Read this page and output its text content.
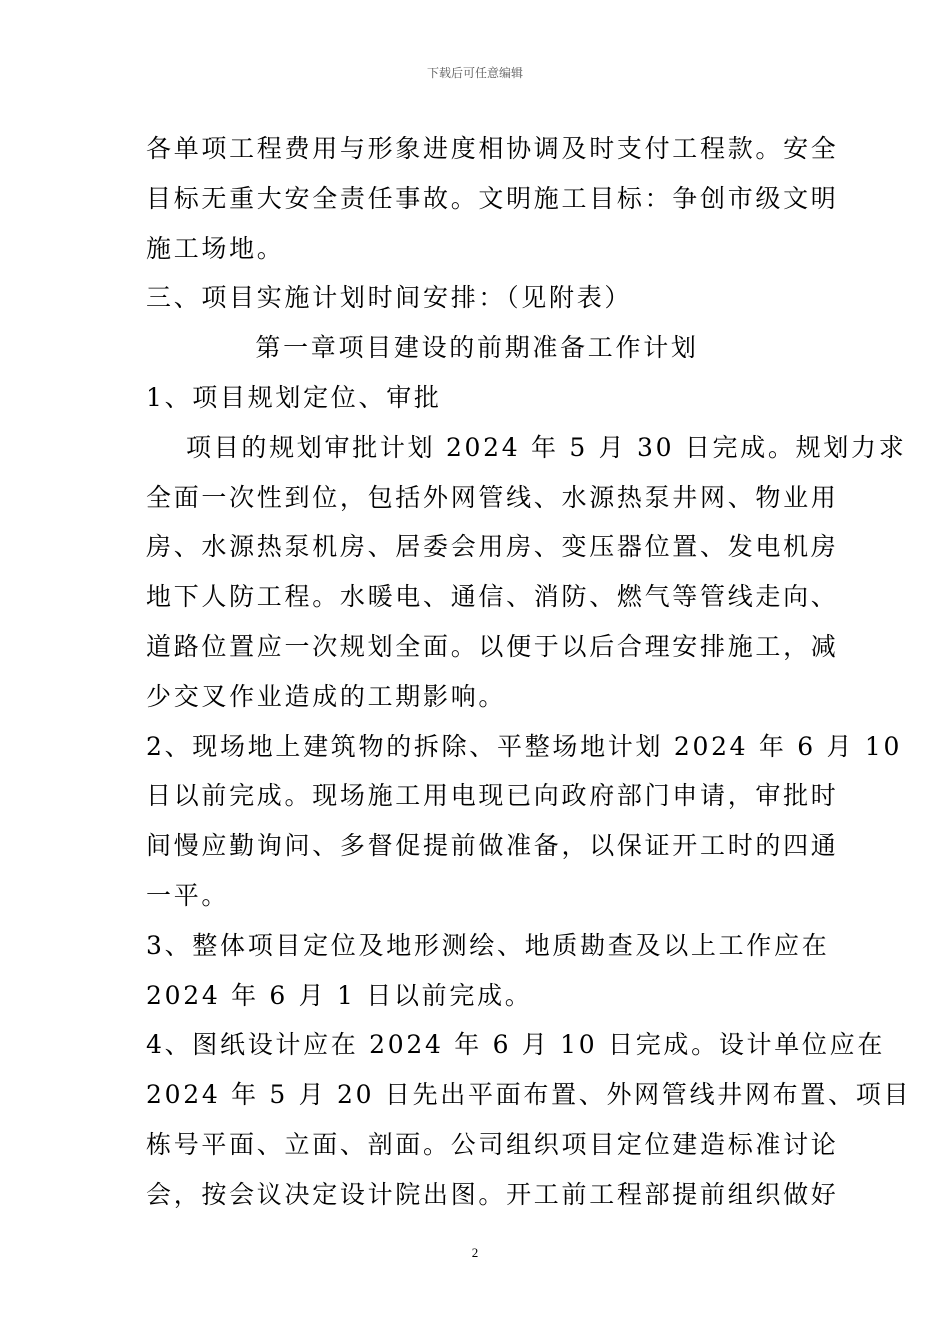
下载后可任意编辑
各单项工程费用与形象进度相协调及时支付工程款。安全
目标无重大安全责任事故。文明施工目标：争创市级文明
施工场地。
三、项目实施计划时间安排：（见附表）
第一章项目建设的前期准备工作计划
1、项目规划定位、审批
项目的规划审批计划 2024 年 5 月 30 日完成。规划力求
全面一次性到位，包括外网管线、水源热泵井网、物业用
房、水源热泵机房、居委会用房、变压器位置、发电机房
地下人防工程。水暖电、通信、消防、燃气等管线走向、
道路位置应一次规划全面。以便于以后合理安排施工，减
少交叉作业造成的工期影响。
2、现场地上建筑物的拆除、平整场地计划 2024 年 6 月 10
日以前完成。现场施工用电现已向政府部门申请，审批时
间慢应勤询问、多督促提前做准备，以保证开工时的四通
一平。
3、整体项目定位及地形测绘、地质勘查及以上工作应在
2024 年 6 月 1 日以前完成。
4、图纸设计应在 2024 年 6 月 10 日完成。设计单位应在
2024 年 5 月 20 日先出平面布置、外网管线井网布置、项目
栋号平面、立面、剖面。公司组织项目定位建造标准讨论
会，按会议决定设计院出图。开工前工程部提前组织做好
2
